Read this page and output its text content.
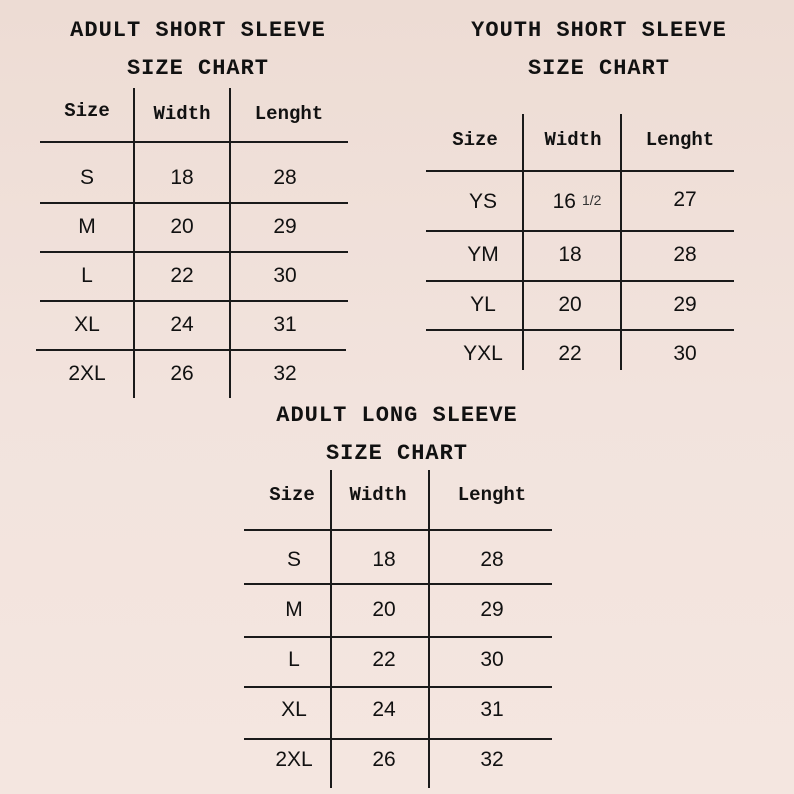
ADULT SHORT SLEEVE
SIZE CHART
Size	Width	Lenght
S	18	28
M	20	29
L	22	30
XL	24	31
2XL	26	32
YOUTH SHORT SLEEVE
SIZE CHART
Size	Width	Lenght
YS	16 1/2	27
YM	18	28
YL	20	29
YXL	22	30
ADULT LONG SLEEVE
SIZE CHART
Size	Width	Lenght
S	18	28
M	20	29
L	22	30
XL	24	31
2XL	26	32
